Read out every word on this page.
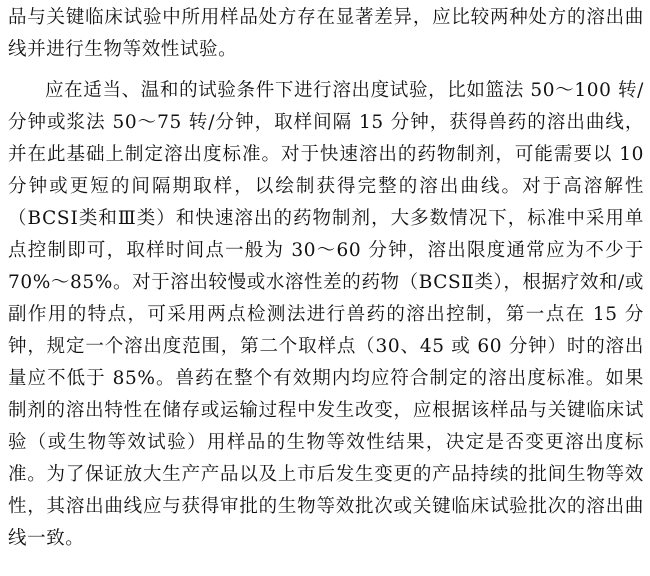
品与关键临床试验中所用样品处方存在显著差异，应比较两种处方的溶出曲线并进行生物等效性试验。

应在适当、温和的试验条件下进行溶出度试验，比如篮法 50～100 转/分钟或浆法 50～75 转/分钟，取样间隔 15 分钟，获得兽药的溶出曲线，并在此基础上制定溶出度标准。对于快速溶出的药物制剂，可能需要以 10 分钟或更短的间隔期取样，以绘制获得完整的溶出曲线。对于高溶解性（BCSⅠ类和Ⅲ类）和快速溶出的药物制剂，大多数情况下，标准中采用单点控制即可，取样时间点一般为 30～60 分钟，溶出限度通常应为不少于 70%～85%。对于溶出较慢或水溶性差的药物（BCSⅡ类），根据疗效和/或副作用的特点，可采用两点检测法进行兽药的溶出控制，第一点在 15 分钟，规定一个溶出度范围，第二个取样点（30、45 或 60 分钟）时的溶出量应不低于 85%。兽药在整个有效期内均应符合制定的溶出度标准。如果制剂的溶出特性在储存或运输过程中发生改变，应根据该样品与关键临床试验（或生物等效试验）用样品的生物等效性结果，决定是否变更溶出度标准。为了保证放大生产产品以及上市后发生变更的产品持续的批间生物等效性，其溶出曲线应与获得审批的生物等效批次或关键临床试验批次的溶出曲线一致。
